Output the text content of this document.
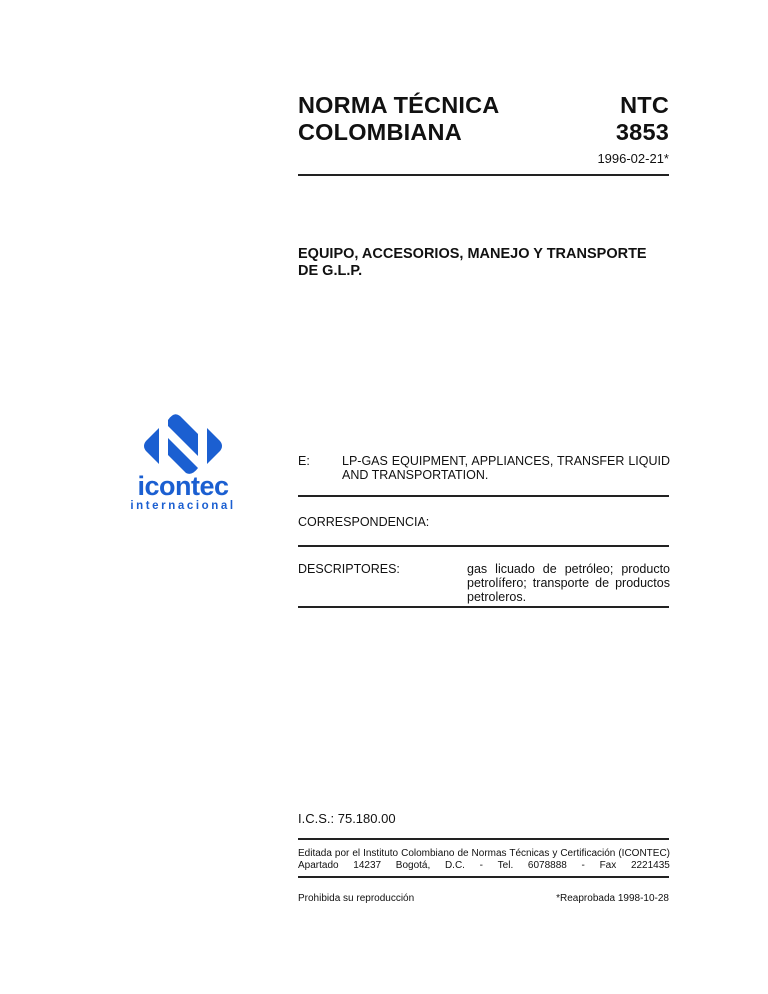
NORMA TÉCNICA
COLOMBIANA
NTC
3853
1996-02-21*
EQUIPO, ACCESORIOS, MANEJO Y TRANSPORTE
DE G.L.P.
icontec
internacional
E:	LP-GAS EQUIPMENT, APPLIANCES, TRANSFER LIQUID
AND TRANSPORTATION.
CORRESPONDENCIA:
DESCRIPTORES:	gas licuado de petróleo; producto
petrolífero; transporte de productos
petroleros.
I.C.S.: 75.180.00
Editada por el Instituto Colombiano de Normas Técnicas y Certificación (ICONTEC)
Apartado 14237 Bogotá, D.C. - Tel. 6078888 - Fax 2221435
Prohibida su reproducción	*Reaprobada 1998-10-28
